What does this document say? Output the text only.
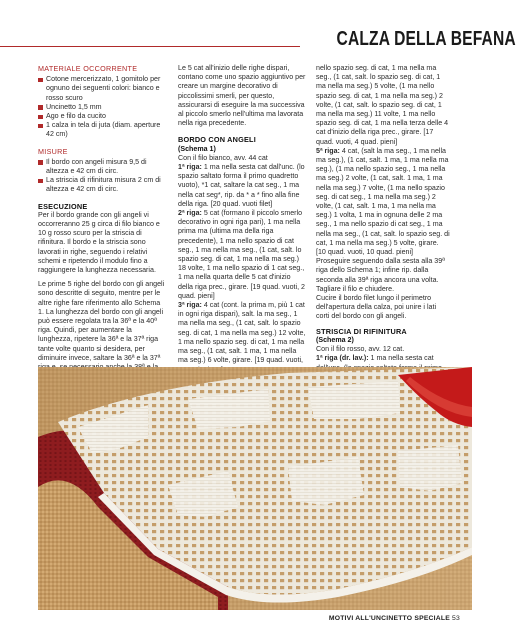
CALZA DELLA BEFANA
MATERIALE OCCORRENTE
Cotone mercerizzato, 1 gomitolo per ognuno dei seguenti colori: bianco e rosso scuro
Uncinetto 1,5 mm
Ago e filo da cucito
1 calza in tela di juta (diam. aperture 42 cm)
MISURE
Il bordo con angeli misura 9,5 di altezza e 42 cm di circ.
La striscia di rifinitura misura 2 cm di altezza e 42 cm di circ.
ESECUZIONE

Per il bordo grande con gli angeli vi occorreranno 25 g circa di filo bianco e 10 g rosso scuro per la striscia di rifinitura. Il bordo e la striscia sono lavorati in righe, seguendo i relativi schemi e ripetendo il modulo fino a raggiungere la lunghezza necessaria.

Le prime 5 righe del bordo con gli angeli sono descritte di seguito, mentre per le altre righe fare riferimento allo Schema 1. La lunghezza del bordo con gli angeli può essere regolata tra la 36ª e la 40ª riga. Quindi, per aumentare la lunghezza, ripetere la 36ª e la 37ª riga tante volte quanto si desidera, per diminuire invece, saltare la 36ª e la 37ª

Le 5 cat all'inizio delle righe dispari, contano come uno spazio aggiuntivo per creare un margine decorativo di piccolissimi smerli, per questo, assicurarsi di eseguire la ma successiva al piccolo smerlo nell'ultima ma lavorata nella riga precedente.

BORDO CON ANGELI
(Schema 1)

Con il filo bianco, avv. 44 cat

1ª riga: 1 ma nella sesta cat dall'unc. (lo spazio saltato forma il primo quadretto vuoto), *1 cat, saltare la cat seg., 1 ma nella cat seg*, rip. da * a * fino alla fine della riga. [20 quad. vuoti filet]

2ª riga: 5 cat (formano il piccolo smerlo decorativo in ogni riga pari), 1 ma nella prima ma (ultima ma della riga precedente), 1 ma nello spazio di cat seg., 1 ma nella ma seg., (1 cat, salt. lo spazio seg. di cat, 1 ma nella ma seg.) 18 volte, 1 ma nello spazio di 1 cat seg., 1 ma nella quarta delle 5 cat d'inizio della riga prec., girare. [19 quad. vuoti, 2 quad. pieni]

3ª riga: 4 cat (cont. la prima m, più 1 cat in ogni riga dispari), salt. la ma seg., 1 ma nella ma seg., (1 cat, salt. lo spazio seg. di cat, 1 ma nella ma seg.) 12 volte, 1 ma nello spazio seg. di cat, 1 ma nella ma seg., (1 cat, salt. 1 ma, 1 ma nella ma seg.) 6 volte, girare. [19 quad. vuoti,

nello spazio seg. di cat, 1 ma nella ma seg., (1 cat, salt. lo spazio seg. di cat, 1 ma nella ma seg.) 5 volte, (1 ma nello spazio seg. di cat, 1 ma nella ma seg.) 2 volte, (1 cat, salt. lo spazio seg. di cat, 1 ma nella ma seg.) 11 volte, 1 ma nello spazio seg. di cat, 1 ma nella terza delle 4 cat d'inizio della riga prec., girare. [17 quad. vuoti, 4 quad. pieni]

5ª riga: 4 cat, (salt la ma seg., 1 ma nella ma seg.), (1 cat, salt. 1 ma, 1 ma nella ma seg.), (1 ma nello spazio seg., 1 ma nella ma seg.) 2 volte, (1 cat, salt. 1 ma, 1 ma nella ma seg.) 7 volte, (1 ma nello spazio seg. di cat seg., 1 ma nella ma seg.) 2 volte, (1 cat, salt. 1 ma, 1 ma nella ma seg.) 1 volta, 1 ma in ognuna delle 2 ma seg., 1 ma nello spazio di cat seg., 1 ma nella ma seg., (1 cat, salt. lo spazio seg. di cat, 1 ma nella ma seg.) 5 volte, girare. [10 quad. vuoti, 10 quad. pieni]

Proseguire seguendo dalla sesta alla 39ª riga dello Schema 1; infine rip. dalla seconda alla 39ª riga ancora una volta. Tagliare il filo e chiudere.

Cucire il bordo filet lungo il perimetro dell'apertura della calza, poi unire i lati corti del bordo con gli angeli.

STRISCIA DI RIFINITURA
(Schema 2)

Con il filo rosso, avv. 12 cat.

1ª riga (dr. lav.): 1 ma nella sesta cat

MOTIVI ALL'UNCINETTO SPECIALE 53
